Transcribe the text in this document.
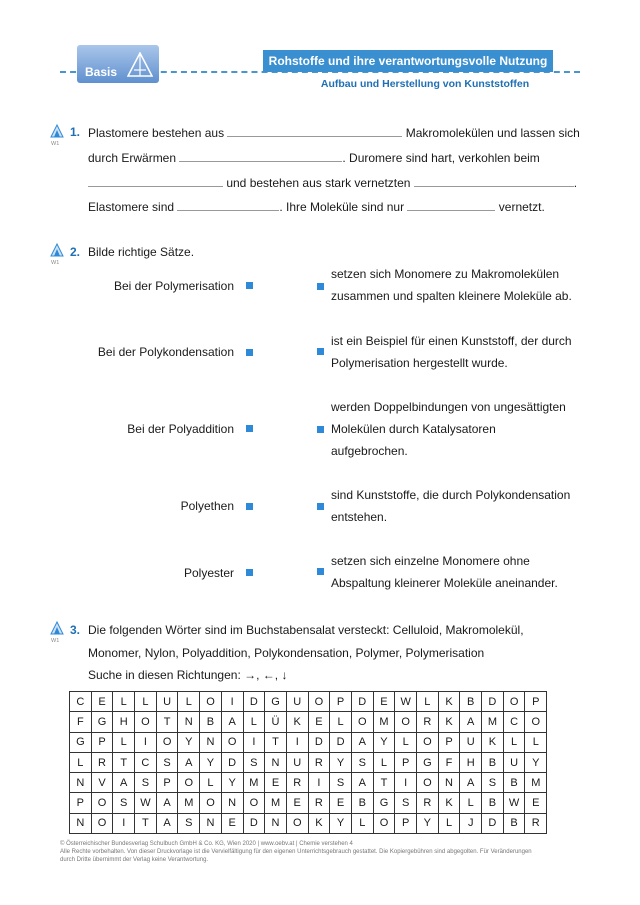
Basis
Rohstoffe und ihre verantwortungsvolle Nutzung
Aufbau und Herstellung von Kunststoffen
W1
1. Plastomere bestehen aus	Makromolekülen und lassen sich
durch Erwärmen	. Duromere sind hart, verkohlen beim
und bestehen aus stark vernetzten	.
Elastomere sind	. Ihre Moleküle sind nur	vernetzt.
W1
2. Bilde richtige Sätze.
Bei der Polymerisation
Bei der Polykondensation
Bei der Polyaddition
Polyethen
Polyester
setzen sich Monomere zu Makromolekülen
zusammen und spalten kleinere Moleküle ab.
ist ein Beispiel für einen Kunststoff, der durch
Polymerisation hergestellt wurde.
werden Doppelbindungen von ungesättigten
Molekülen durch Katalysatoren
aufgebrochen.
sind Kunststoffe, die durch Polykondensation
entstehen.
setzen sich einzelne Monomere ohne
Abspaltung kleinerer Moleküle aneinander.
W1
3. Die folgenden Wörter sind im Buchstabensalat versteckt: Celluloid, Makromolekül,
Monomer, Nylon, Polyaddition, Polykondensation, Polymer, Polymerisation
Suche in diesen Richtungen: →, ←, ↓
C	E	L	L	U	L	O	I	D	G	U	O	P	D	E	W	L	K	B	D	O	P
F	G	H	O	T	N	B	A	L	Ü	K	E	L	O	M	O	R	K	A	M	C	O
G	P	L	I	O	Y	N	O	I	T	I	D	D	A	Y	L	O	P	U	K	L	L
L	R	T	C	S	A	Y	D	S	N	U	R	Y	S	L	P	G	F	H	B	U	Y
N	V	A	S	P	O	L	Y	M	E	R	I	S	A	T	I	O	N	A	S	B	M
P	O	S	W	A	M	O	N	O	M	E	R	E	B	G	S	R	K	L	B	W	E
N	O	I	T	A	S	N	E	D	N	O	K	Y	L	O	P	Y	L	J	D	B	R
© Österreichischer Bundesverlag Schulbuch GmbH & Co. KG, Wien 2020 | www.oebv.at | Chemie verstehen 4
Alle Rechte vorbehalten. Von dieser Druckvorlage ist die Vervielfältigung für den eigenen Unterrichtsgebrauch gestattet. Die Kopiergebühren sind abgegolten. Für Veränderungen
durch Dritte übernimmt der Verlag keine Verantwortung.
